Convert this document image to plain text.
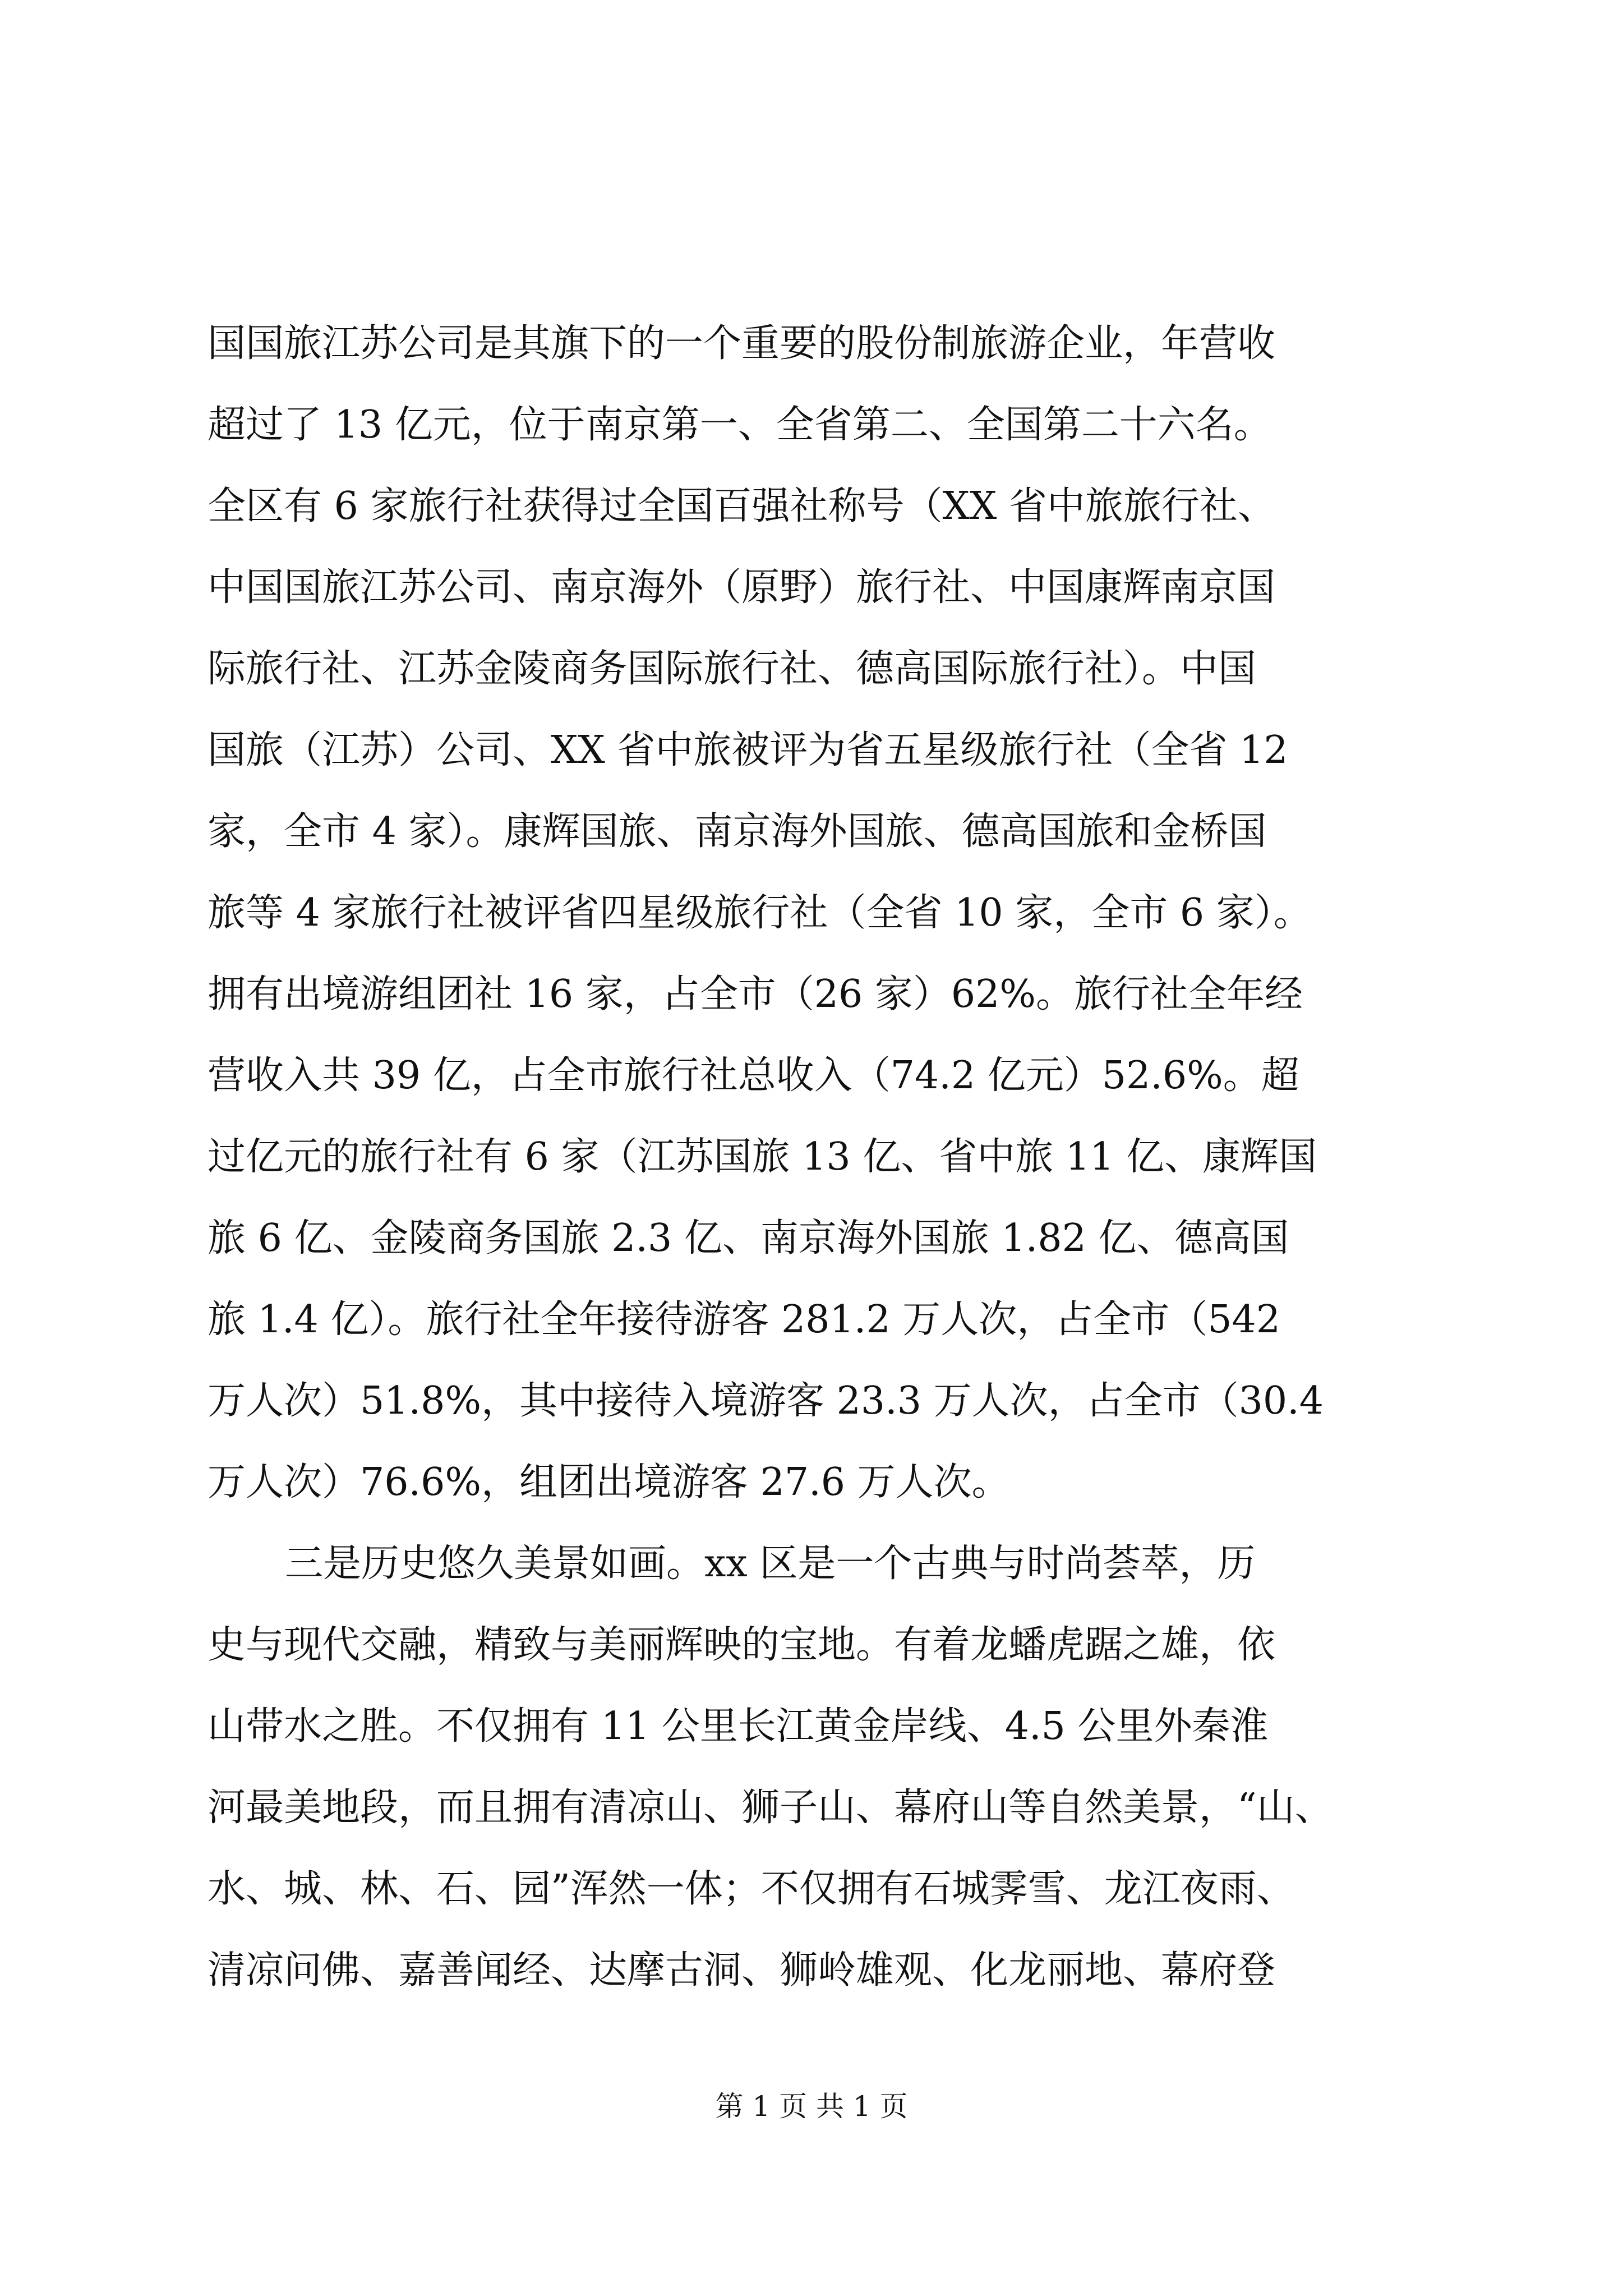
国国旅江苏公司是其旗下的一个重要的股份制旅游企业，年营收
超过了 13 亿元，位于南京第一、全省第二、全国第二十六名。
全区有 6 家旅行社获得过全国百强社称号（XX 省中旅旅行社、
中国国旅江苏公司、南京海外（原野）旅行社、中国康辉南京国
际旅行社、江苏金陵商务国际旅行社、德高国际旅行社）。中国
国旅（江苏）公司、XX 省中旅被评为省五星级旅行社（全省 12
家，全市 4 家）。康辉国旅、南京海外国旅、德高国旅和金桥国
旅等 4 家旅行社被评省四星级旅行社（全省 10 家，全市 6 家）。
拥有出境游组团社 16 家，占全市（26 家）62%。旅行社全年经
营收入共 39 亿，占全市旅行社总收入（74.2 亿元）52.6%。超
过亿元的旅行社有 6 家（江苏国旅 13 亿、省中旅 11 亿、康辉国
旅 6 亿、金陵商务国旅 2.3 亿、南京海外国旅 1.82 亿、德高国
旅 1.4 亿）。旅行社全年接待游客 281.2 万人次，占全市（542
万人次）51.8%，其中接待入境游客 23.3 万人次，占全市（30.4
万人次）76.6%，组团出境游客 27.6 万人次。
三是历史悠久美景如画。xx 区是一个古典与时尚荟萃，历
史与现代交融，精致与美丽辉映的宝地。有着龙蟠虎踞之雄，依
山带水之胜。不仅拥有 11 公里长江黄金岸线、4.5 公里外秦淮
河最美地段，而且拥有清凉山、狮子山、幕府山等自然美景，“山、
水、城、林、石、园”浑然一体；不仅拥有石城霁雪、龙江夜雨、
清凉问佛、嘉善闻经、达摩古洞、狮岭雄观、化龙丽地、幕府登
第 1 页 共 1 页
